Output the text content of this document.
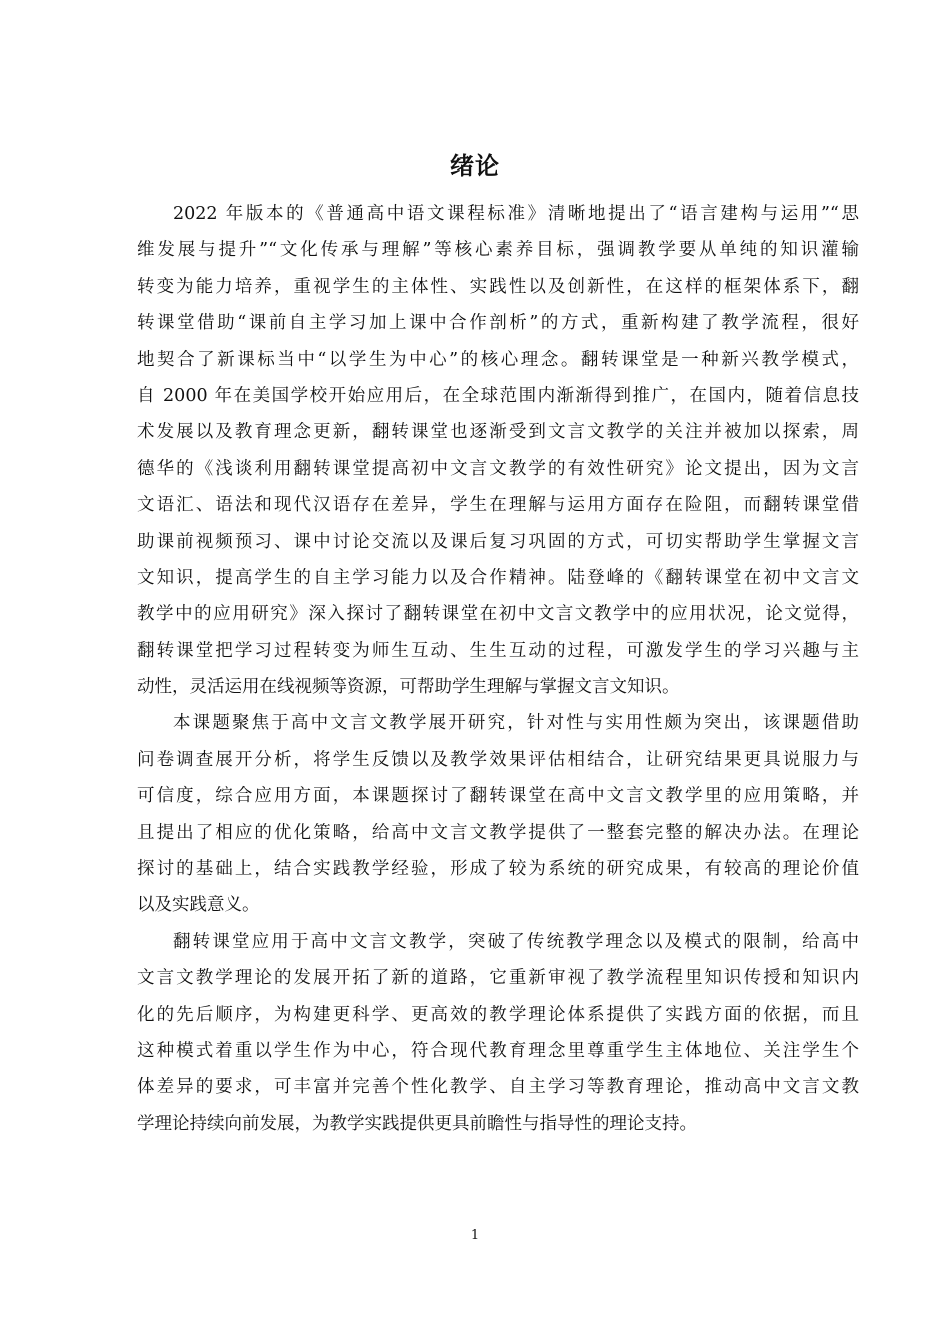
绪论
2022 年版本的《普通高中语文课程标准》清晰地提出了“语言建构与运用”“思
维发展与提升”“文化传承与理解”等核心素养目标，强调教学要从单纯的知识灌输
转变为能力培养，重视学生的主体性、实践性以及创新性，在这样的框架体系下，翻
转课堂借助“课前自主学习加上课中合作剖析”的方式，重新构建了教学流程，很好
地契合了新课标当中“以学生为中心”的核心理念。翻转课堂是一种新兴教学模式，
自 2000 年在美国学校开始应用后，在全球范围内渐渐得到推广，在国内，随着信息技
术发展以及教育理念更新，翻转课堂也逐渐受到文言文教学的关注并被加以探索，周
德华的《浅谈利用翻转课堂提高初中文言文教学的有效性研究》论文提出，因为文言
文语汇、语法和现代汉语存在差异，学生在理解与运用方面存在险阻，而翻转课堂借
助课前视频预习、课中讨论交流以及课后复习巩固的方式，可切实帮助学生掌握文言
文知识，提高学生的自主学习能力以及合作精神。陆登峰的《翻转课堂在初中文言文
教学中的应用研究》深入探讨了翻转课堂在初中文言文教学中的应用状况，论文觉得，
翻转课堂把学习过程转变为师生互动、生生互动的过程，可激发学生的学习兴趣与主
动性，灵活运用在线视频等资源，可帮助学生理解与掌握文言文知识。
本课题聚焦于高中文言文教学展开研究，针对性与实用性颇为突出，该课题借助
问卷调查展开分析，将学生反馈以及教学效果评估相结合，让研究结果更具说服力与
可信度，综合应用方面，本课题探讨了翻转课堂在高中文言文教学里的应用策略，并
且提出了相应的优化策略，给高中文言文教学提供了一整套完整的解决办法。在理论
探讨的基础上，结合实践教学经验，形成了较为系统的研究成果，有较高的理论价值
以及实践意义。
翻转课堂应用于高中文言文教学，突破了传统教学理念以及模式的限制，给高中
文言文教学理论的发展开拓了新的道路，它重新审视了教学流程里知识传授和知识内
化的先后顺序，为构建更科学、更高效的教学理论体系提供了实践方面的依据，而且
这种模式着重以学生作为中心，符合现代教育理念里尊重学生主体地位、关注学生个
体差异的要求，可丰富并完善个性化教学、自主学习等教育理论，推动高中文言文教
学理论持续向前发展，为教学实践提供更具前瞻性与指导性的理论支持。
1
